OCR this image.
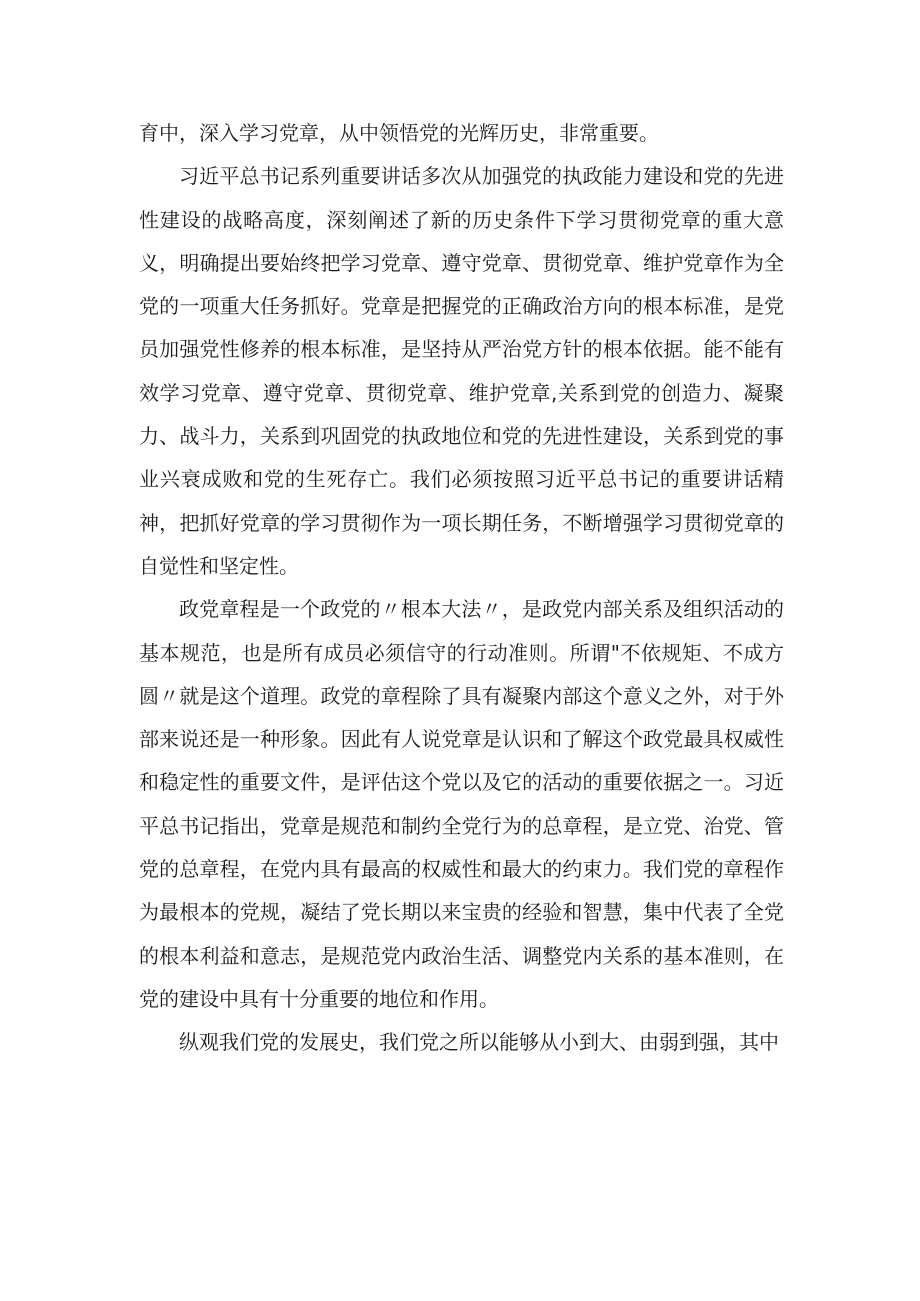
育中，深入学习党章，从中领悟党的光辉历史，非常重要。

习近平总书记系列重要讲话多次从加强党的执政能力建设和党的先进性建设的战略高度，深刻阐述了新的历史条件下学习贯彻党章的重大意义，明确提出要始终把学习党章、遵守党章、贯彻党章、维护党章作为全党的一项重大任务抓好。党章是把握党的正确政治方向的根本标准，是党员加强党性修养的根本标准，是坚持从严治党方针的根本依据。能不能有效学习党章、遵守党章、贯彻党章、维护党章,关系到党的创造力、凝聚力、战斗力，关系到巩固党的执政地位和党的先进性建设，关系到党的事业兴衰成败和党的生死存亡。我们必须按照习近平总书记的重要讲话精神，把抓好党章的学习贯彻作为一项长期任务，不断增强学习贯彻党章的自觉性和坚定性。

政党章程是一个政党的〃根本大法〃，是政党内部关系及组织活动的基本规范，也是所有成员必须信守的行动准则。所谓"不依规矩、不成方圆〃就是这个道理。政党的章程除了具有凝聚内部这个意义之外，对于外部来说还是一种形象。因此有人说党章是认识和了解这个政党最具权威性和稳定性的重要文件，是评估这个党以及它的活动的重要依据之一。习近平总书记指出，党章是规范和制约全党行为的总章程，是立党、治党、管党的总章程，在党内具有最高的权威性和最大的约束力。我们党的章程作为最根本的党规，凝结了党长期以来宝贵的经验和智慧，集中代表了全党的根本利益和意志，是规范党内政治生活、调整党内关系的基本准则，在党的建设中具有十分重要的地位和作用。

纵观我们党的发展史，我们党之所以能够从小到大、由弱到强，其中
